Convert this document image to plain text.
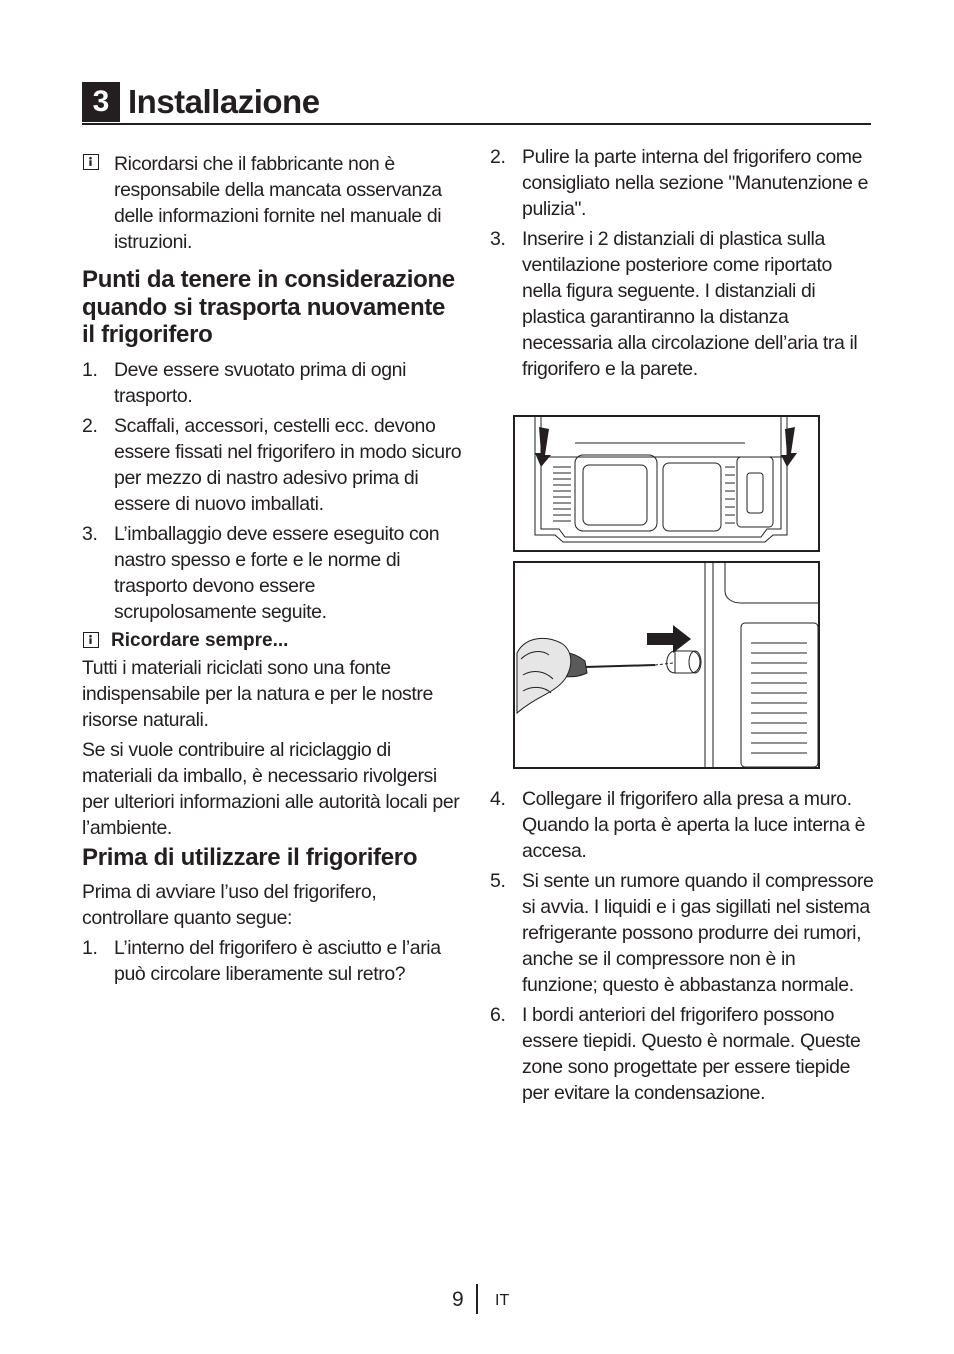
3 Installazione
Ricordarsi che il fabbricante non è responsabile della mancata osservanza delle informazioni fornite nel manuale di istruzioni.
Punti da tenere in considerazione quando si trasporta nuovamente il frigorifero
1. Deve essere svuotato prima di ogni trasporto.
2. Scaffali, accessori, cestelli ecc. devono essere fissati nel frigorifero in modo sicuro per mezzo di nastro adesivo prima di essere di nuovo imballati.
3. L’imballaggio deve essere eseguito con nastro spesso e forte e le norme di trasporto devono essere scrupolosamente seguite.
Ricordare sempre...

Tutti i materiali riciclati sono una fonte indispensabile per la natura e per le nostre risorse naturali.

Se si vuole contribuire al riciclaggio di materiali da imballo, è necessario rivolgersi per ulteriori informazioni alle autorità locali per l’ambiente.

Prima di utilizzare il frigorifero

Prima di avviare l’uso del frigorifero, controllare quanto segue:

1. L’interno del frigorifero è asciutto e l’aria può circolare liberamente sul retro?
2. Pulire la parte interna del frigorifero come consigliato nella sezione "Manutenzione e pulizia".
3. Inserire i 2 distanziali di plastica sulla ventilazione posteriore come riportato nella figura seguente. I distanziali di plastica garantiranno la distanza necessaria alla circolazione dell’aria tra il frigorifero e la parete.
4. Collegare il frigorifero alla presa a muro. Quando la porta è aperta la luce interna è accesa.
5. Si sente un rumore quando il compressore si avvia. I liquidi e i gas sigillati nel sistema refrigerante possono produrre dei rumori, anche se il compressore non è in funzione; questo è abbastanza normale.
6. I bordi anteriori del frigorifero possono essere tiepidi. Questo è normale. Queste zone sono progettate per essere tiepide per evitare la condensazione.
9 IT
